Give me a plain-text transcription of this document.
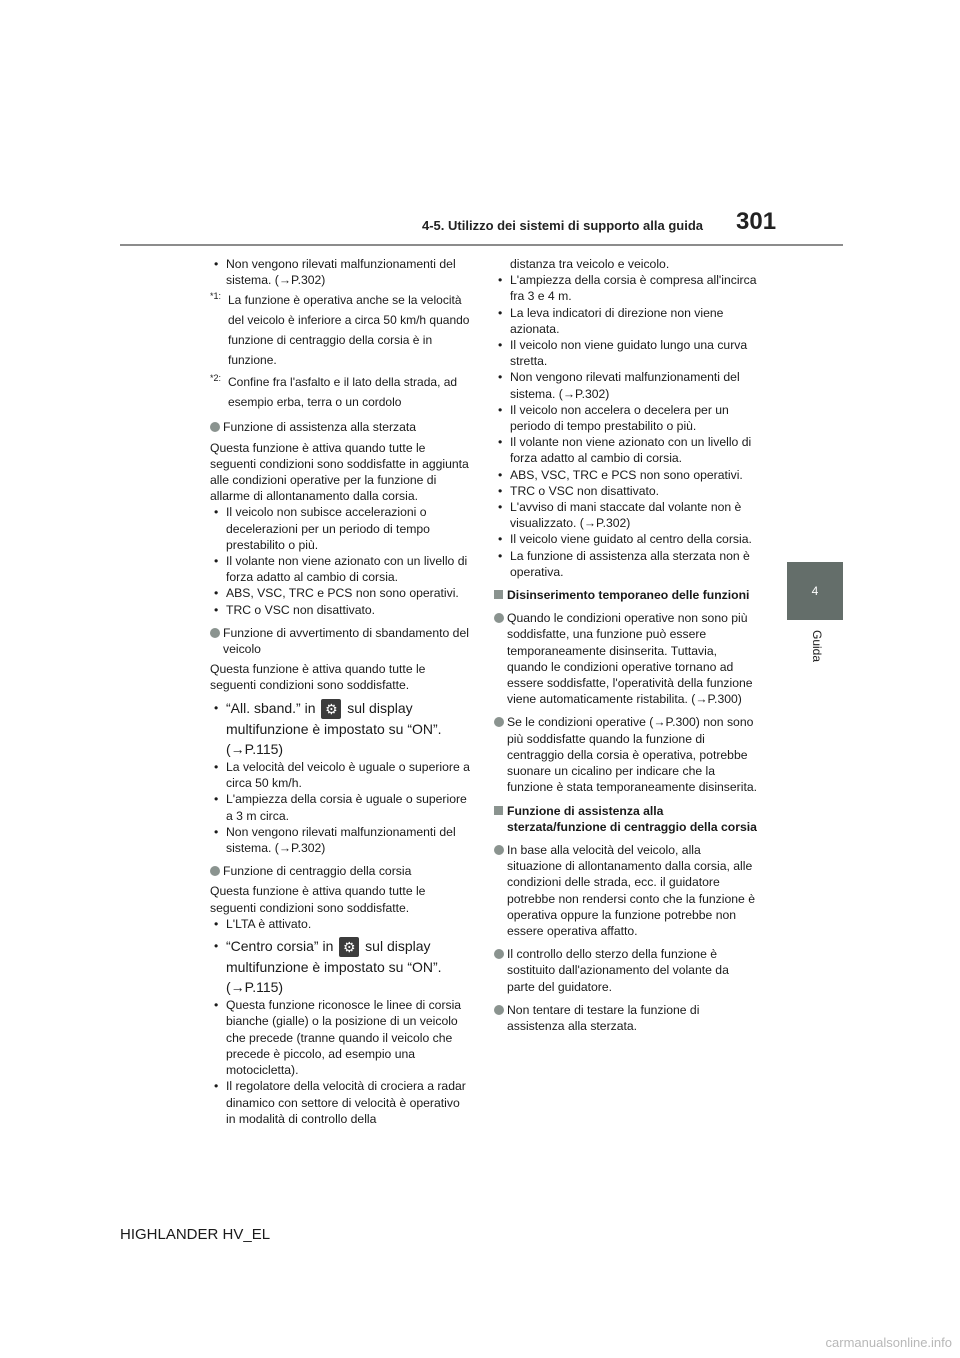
4-5. Utilizzo dei sistemi di supporto alla guida 301
4
Guida
• Non vengono rilevati malfunzionamenti del sistema. (→P.302)
*1: La funzione è operativa anche se la velocità del veicolo è inferiore a circa 50 km/h quando funzione di centraggio della corsia è in funzione.
*2: Confine fra l'asfalto e il lato della strada, ad esempio erba, terra o un cordolo
Funzione di assistenza alla sterzata
Questa funzione è attiva quando tutte le seguenti condizioni sono soddisfatte in aggiunta alle condizioni operative per la funzione di allarme di allontanamento dalla corsia.
• Il veicolo non subisce accelerazioni o decelerazioni per un periodo di tempo prestabilito o più.
• Il volante non viene azionato con un livello di forza adatto al cambio di corsia.
• ABS, VSC, TRC e PCS non sono operativi.
• TRC o VSC non disattivato.
Funzione di avvertimento di sbandamento del veicolo
Questa funzione è attiva quando tutte le seguenti condizioni sono soddisfatte.
• “All. sband.” in ⚙ sul display multifunzione è impostato su “ON”. (→P.115)
• La velocità del veicolo è uguale o superiore a circa 50 km/h.
• L'ampiezza della corsia è uguale o superiore a 3 m circa.
• Non vengono rilevati malfunzionamenti del sistema. (→P.302)
Funzione di centraggio della corsia
Questa funzione è attiva quando tutte le seguenti condizioni sono soddisfatte.
• L'LTA è attivato.
• “Centro corsia” in ⚙ sul display multifunzione è impostato su “ON”. (→P.115)
• Questa funzione riconosce le linee di corsia bianche (gialle) o la posizione di un veicolo che precede (tranne quando il veicolo che precede è piccolo, ad esempio una motocicletta).
• Il regolatore della velocità di crociera a radar dinamico con settore di velocità è operativo in modalità di controllo della
distanza tra veicolo e veicolo.
• L'ampiezza della corsia è compresa all'incirca fra 3 e 4 m.
• La leva indicatori di direzione non viene azionata.
• Il veicolo non viene guidato lungo una curva stretta.
• Non vengono rilevati malfunzionamenti del sistema. (→P.302)
• Il veicolo non accelera o decelera per un periodo di tempo prestabilito o più.
• Il volante non viene azionato con un livello di forza adatto al cambio di corsia.
• ABS, VSC, TRC e PCS non sono operativi.
• TRC o VSC non disattivato.
• L'avviso di mani staccate dal volante non è visualizzato. (→P.302)
• Il veicolo viene guidato al centro della corsia.
• La funzione di assistenza alla sterzata non è operativa.
Disinserimento temporaneo delle funzioni
Quando le condizioni operative non sono più soddisfatte, una funzione può essere temporaneamente disinserita. Tuttavia, quando le condizioni operative tornano ad essere soddisfatte, l'operatività della funzione viene automaticamente ristabilita. (→P.300)
Se le condizioni operative (→P.300) non sono più soddisfatte quando la funzione di centraggio della corsia è operativa, potrebbe suonare un cicalino per indicare che la funzione è stata temporaneamente disinserita.
Funzione di assistenza alla sterzata/funzione di centraggio della corsia
In base alla velocità del veicolo, alla situazione di allontanamento dalla corsia, alle condizioni delle strada, ecc. il guidatore potrebbe non rendersi conto che la funzione è operativa oppure la funzione potrebbe non essere operativa affatto.
Il controllo dello sterzo della funzione è sostituito dall'azionamento del volante da parte del guidatore.
Non tentare di testare la funzione di assistenza alla sterzata.
HIGHLANDER HV_EL
carmanualsonline.info
